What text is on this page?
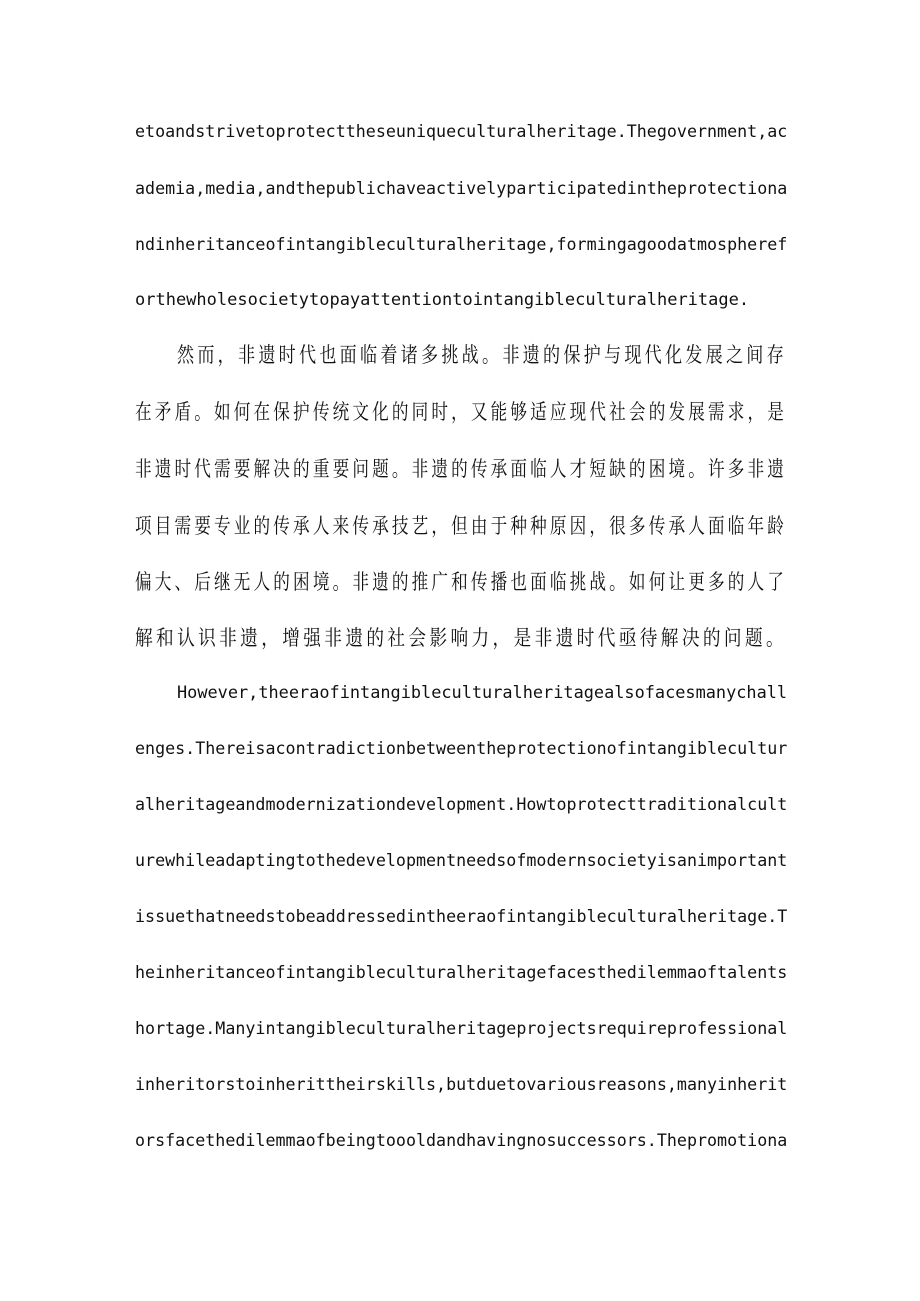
etoandstrivetoprotecttheseuniqueculturalheritage.Thegovernment,ac

ademia,media,andthepublichaveactivelyparticipatedintheprotectiona

ndinheritanceofintangibleculturalheritage,formingagoodatmospheref

orthewholesocietytopayattentiontointangibleculturalheritage.

然而，非遗时代也面临着诸多挑战。非遗的保护与现代化发展之间存

在矛盾。如何在保护传统文化的同时，又能够适应现代社会的发展需求，是

非遗时代需要解决的重要问题。非遗的传承面临人才短缺的困境。许多非遗

项目需要专业的传承人来传承技艺，但由于种种原因，很多传承人面临年龄

偏大、后继无人的困境。非遗的推广和传播也面临挑战。如何让更多的人了

解和认识非遗，增强非遗的社会影响力，是非遗时代亟待解决的问题。

However,theeraofintangibleculturalheritagealsofacesmanychall

enges.Thereisacontradictionbetweentheprotectionofintangiblecultur

alheritageandmodernizationdevelopment.Howtoprotecttraditionalcult

urewhileadaptingtothedevelopmentneedsofmodernsocietyisanimportant

issuethatneedstobeaddressedintheeraofintangibleculturalheritage.T

heinheritanceofintangibleculturalheritagefacesthedilemmaoftalents

hortage.Manyintangibleculturalheritageprojectsrequireprofessional

inheritorstoinherittheirskills,butduetovariousreasons,manyinherit

orsfacethedilemmaofbeingtoooldandhavingnosuccessors.Thepromotiona
